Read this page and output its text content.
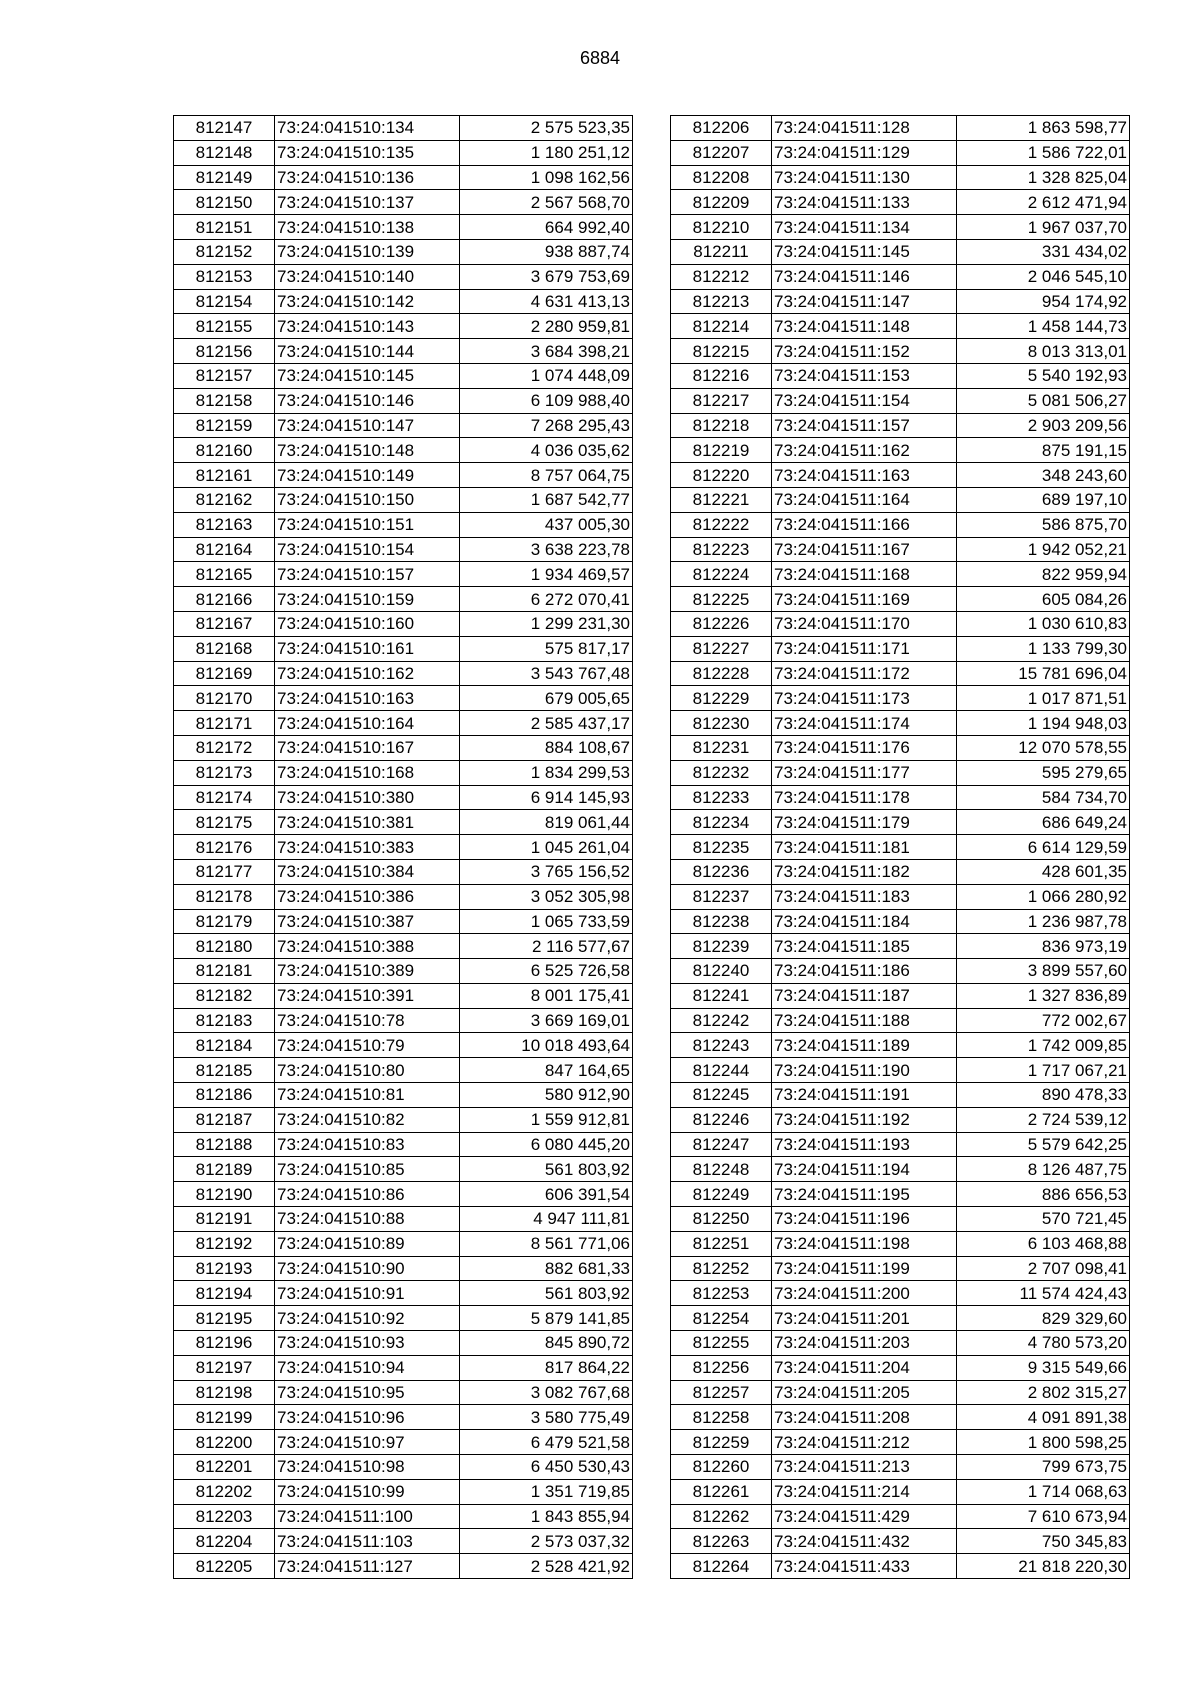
6884
812147	73:24:041510:134	2 575 523,35
812148	73:24:041510:135	1 180 251,12
812149	73:24:041510:136	1 098 162,56
812150	73:24:041510:137	2 567 568,70
812151	73:24:041510:138	664 992,40
812152	73:24:041510:139	938 887,74
812153	73:24:041510:140	3 679 753,69
812154	73:24:041510:142	4 631 413,13
812155	73:24:041510:143	2 280 959,81
812156	73:24:041510:144	3 684 398,21
812157	73:24:041510:145	1 074 448,09
812158	73:24:041510:146	6 109 988,40
812159	73:24:041510:147	7 268 295,43
812160	73:24:041510:148	4 036 035,62
812161	73:24:041510:149	8 757 064,75
812162	73:24:041510:150	1 687 542,77
812163	73:24:041510:151	437 005,30
812164	73:24:041510:154	3 638 223,78
812165	73:24:041510:157	1 934 469,57
812166	73:24:041510:159	6 272 070,41
812167	73:24:041510:160	1 299 231,30
812168	73:24:041510:161	575 817,17
812169	73:24:041510:162	3 543 767,48
812170	73:24:041510:163	679 005,65
812171	73:24:041510:164	2 585 437,17
812172	73:24:041510:167	884 108,67
812173	73:24:041510:168	1 834 299,53
812174	73:24:041510:380	6 914 145,93
812175	73:24:041510:381	819 061,44
812176	73:24:041510:383	1 045 261,04
812177	73:24:041510:384	3 765 156,52
812178	73:24:041510:386	3 052 305,98
812179	73:24:041510:387	1 065 733,59
812180	73:24:041510:388	2 116 577,67
812181	73:24:041510:389	6 525 726,58
812182	73:24:041510:391	8 001 175,41
812183	73:24:041510:78	3 669 169,01
812184	73:24:041510:79	10 018 493,64
812185	73:24:041510:80	847 164,65
812186	73:24:041510:81	580 912,90
812187	73:24:041510:82	1 559 912,81
812188	73:24:041510:83	6 080 445,20
812189	73:24:041510:85	561 803,92
812190	73:24:041510:86	606 391,54
812191	73:24:041510:88	4 947 111,81
812192	73:24:041510:89	8 561 771,06
812193	73:24:041510:90	882 681,33
812194	73:24:041510:91	561 803,92
812195	73:24:041510:92	5 879 141,85
812196	73:24:041510:93	845 890,72
812197	73:24:041510:94	817 864,22
812198	73:24:041510:95	3 082 767,68
812199	73:24:041510:96	3 580 775,49
812200	73:24:041510:97	6 479 521,58
812201	73:24:041510:98	6 450 530,43
812202	73:24:041510:99	1 351 719,85
812203	73:24:041511:100	1 843 855,94
812204	73:24:041511:103	2 573 037,32
812205	73:24:041511:127	2 528 421,92
812206	73:24:041511:128	1 863 598,77
812207	73:24:041511:129	1 586 722,01
812208	73:24:041511:130	1 328 825,04
812209	73:24:041511:133	2 612 471,94
812210	73:24:041511:134	1 967 037,70
812211	73:24:041511:145	331 434,02
812212	73:24:041511:146	2 046 545,10
812213	73:24:041511:147	954 174,92
812214	73:24:041511:148	1 458 144,73
812215	73:24:041511:152	8 013 313,01
812216	73:24:041511:153	5 540 192,93
812217	73:24:041511:154	5 081 506,27
812218	73:24:041511:157	2 903 209,56
812219	73:24:041511:162	875 191,15
812220	73:24:041511:163	348 243,60
812221	73:24:041511:164	689 197,10
812222	73:24:041511:166	586 875,70
812223	73:24:041511:167	1 942 052,21
812224	73:24:041511:168	822 959,94
812225	73:24:041511:169	605 084,26
812226	73:24:041511:170	1 030 610,83
812227	73:24:041511:171	1 133 799,30
812228	73:24:041511:172	15 781 696,04
812229	73:24:041511:173	1 017 871,51
812230	73:24:041511:174	1 194 948,03
812231	73:24:041511:176	12 070 578,55
812232	73:24:041511:177	595 279,65
812233	73:24:041511:178	584 734,70
812234	73:24:041511:179	686 649,24
812235	73:24:041511:181	6 614 129,59
812236	73:24:041511:182	428 601,35
812237	73:24:041511:183	1 066 280,92
812238	73:24:041511:184	1 236 987,78
812239	73:24:041511:185	836 973,19
812240	73:24:041511:186	3 899 557,60
812241	73:24:041511:187	1 327 836,89
812242	73:24:041511:188	772 002,67
812243	73:24:041511:189	1 742 009,85
812244	73:24:041511:190	1 717 067,21
812245	73:24:041511:191	890 478,33
812246	73:24:041511:192	2 724 539,12
812247	73:24:041511:193	5 579 642,25
812248	73:24:041511:194	8 126 487,75
812249	73:24:041511:195	886 656,53
812250	73:24:041511:196	570 721,45
812251	73:24:041511:198	6 103 468,88
812252	73:24:041511:199	2 707 098,41
812253	73:24:041511:200	11 574 424,43
812254	73:24:041511:201	829 329,60
812255	73:24:041511:203	4 780 573,20
812256	73:24:041511:204	9 315 549,66
812257	73:24:041511:205	2 802 315,27
812258	73:24:041511:208	4 091 891,38
812259	73:24:041511:212	1 800 598,25
812260	73:24:041511:213	799 673,75
812261	73:24:041511:214	1 714 068,63
812262	73:24:041511:429	7 610 673,94
812263	73:24:041511:432	750 345,83
812264	73:24:041511:433	21 818 220,30
